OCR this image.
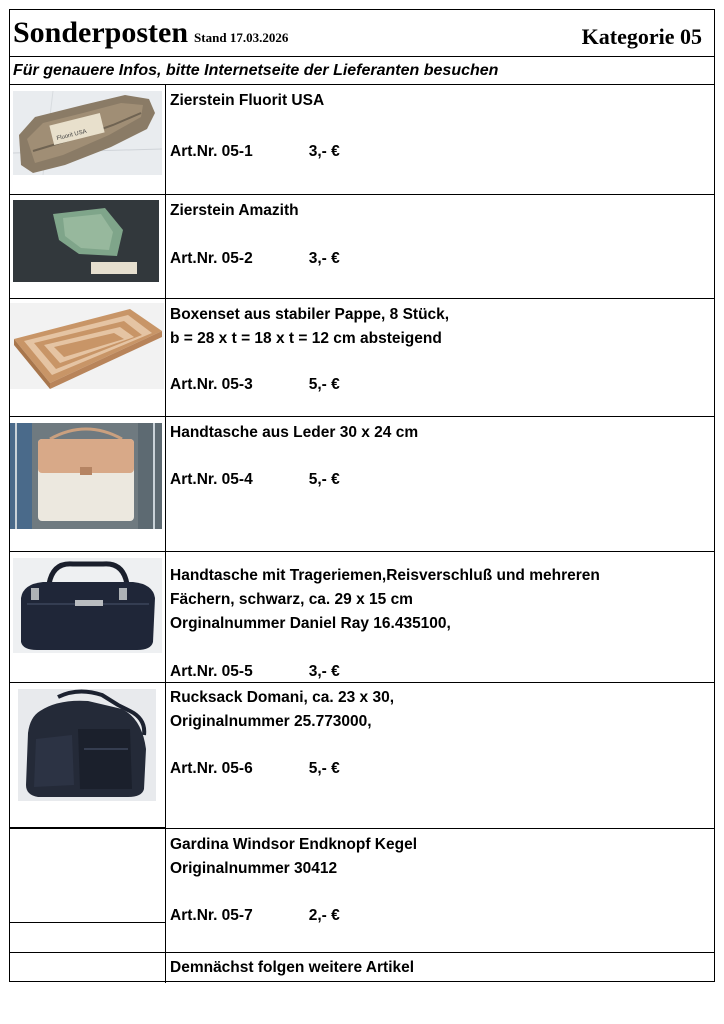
Sonderposten Stand 17.03.2026	Kategorie 05
Für genauere Infos, bitte Internetseite der Lieferanten besuchen
Fluorit USA
Zierstein Fluorit USA
Art.Nr. 05-1	3,- €
Zierstein Amazith
Art.Nr. 05-2	3,- €
Boxenset aus stabiler Pappe, 8 Stück,
b = 28 x t = 18 x t = 12 cm absteigend
Art.Nr. 05-3	5,- €
Handtasche aus Leder 30 x 24 cm
Art.Nr. 05-4	5,- €
Handtasche mit Trageriemen,Reisverschluß und mehreren
Fächern, schwarz, ca. 29 x 15 cm
Orginalnummer Daniel Ray 16.435100,
Art.Nr. 05-5	3,- €
Rucksack Domani, ca. 23 x 30,
Originalnummer 25.773000,
Art.Nr. 05-6	5,- €
Gardina Windsor Endknopf Kegel
Originalnummer 30412
Art.Nr. 05-7	2,- €
Demnächst folgen weitere Artikel
